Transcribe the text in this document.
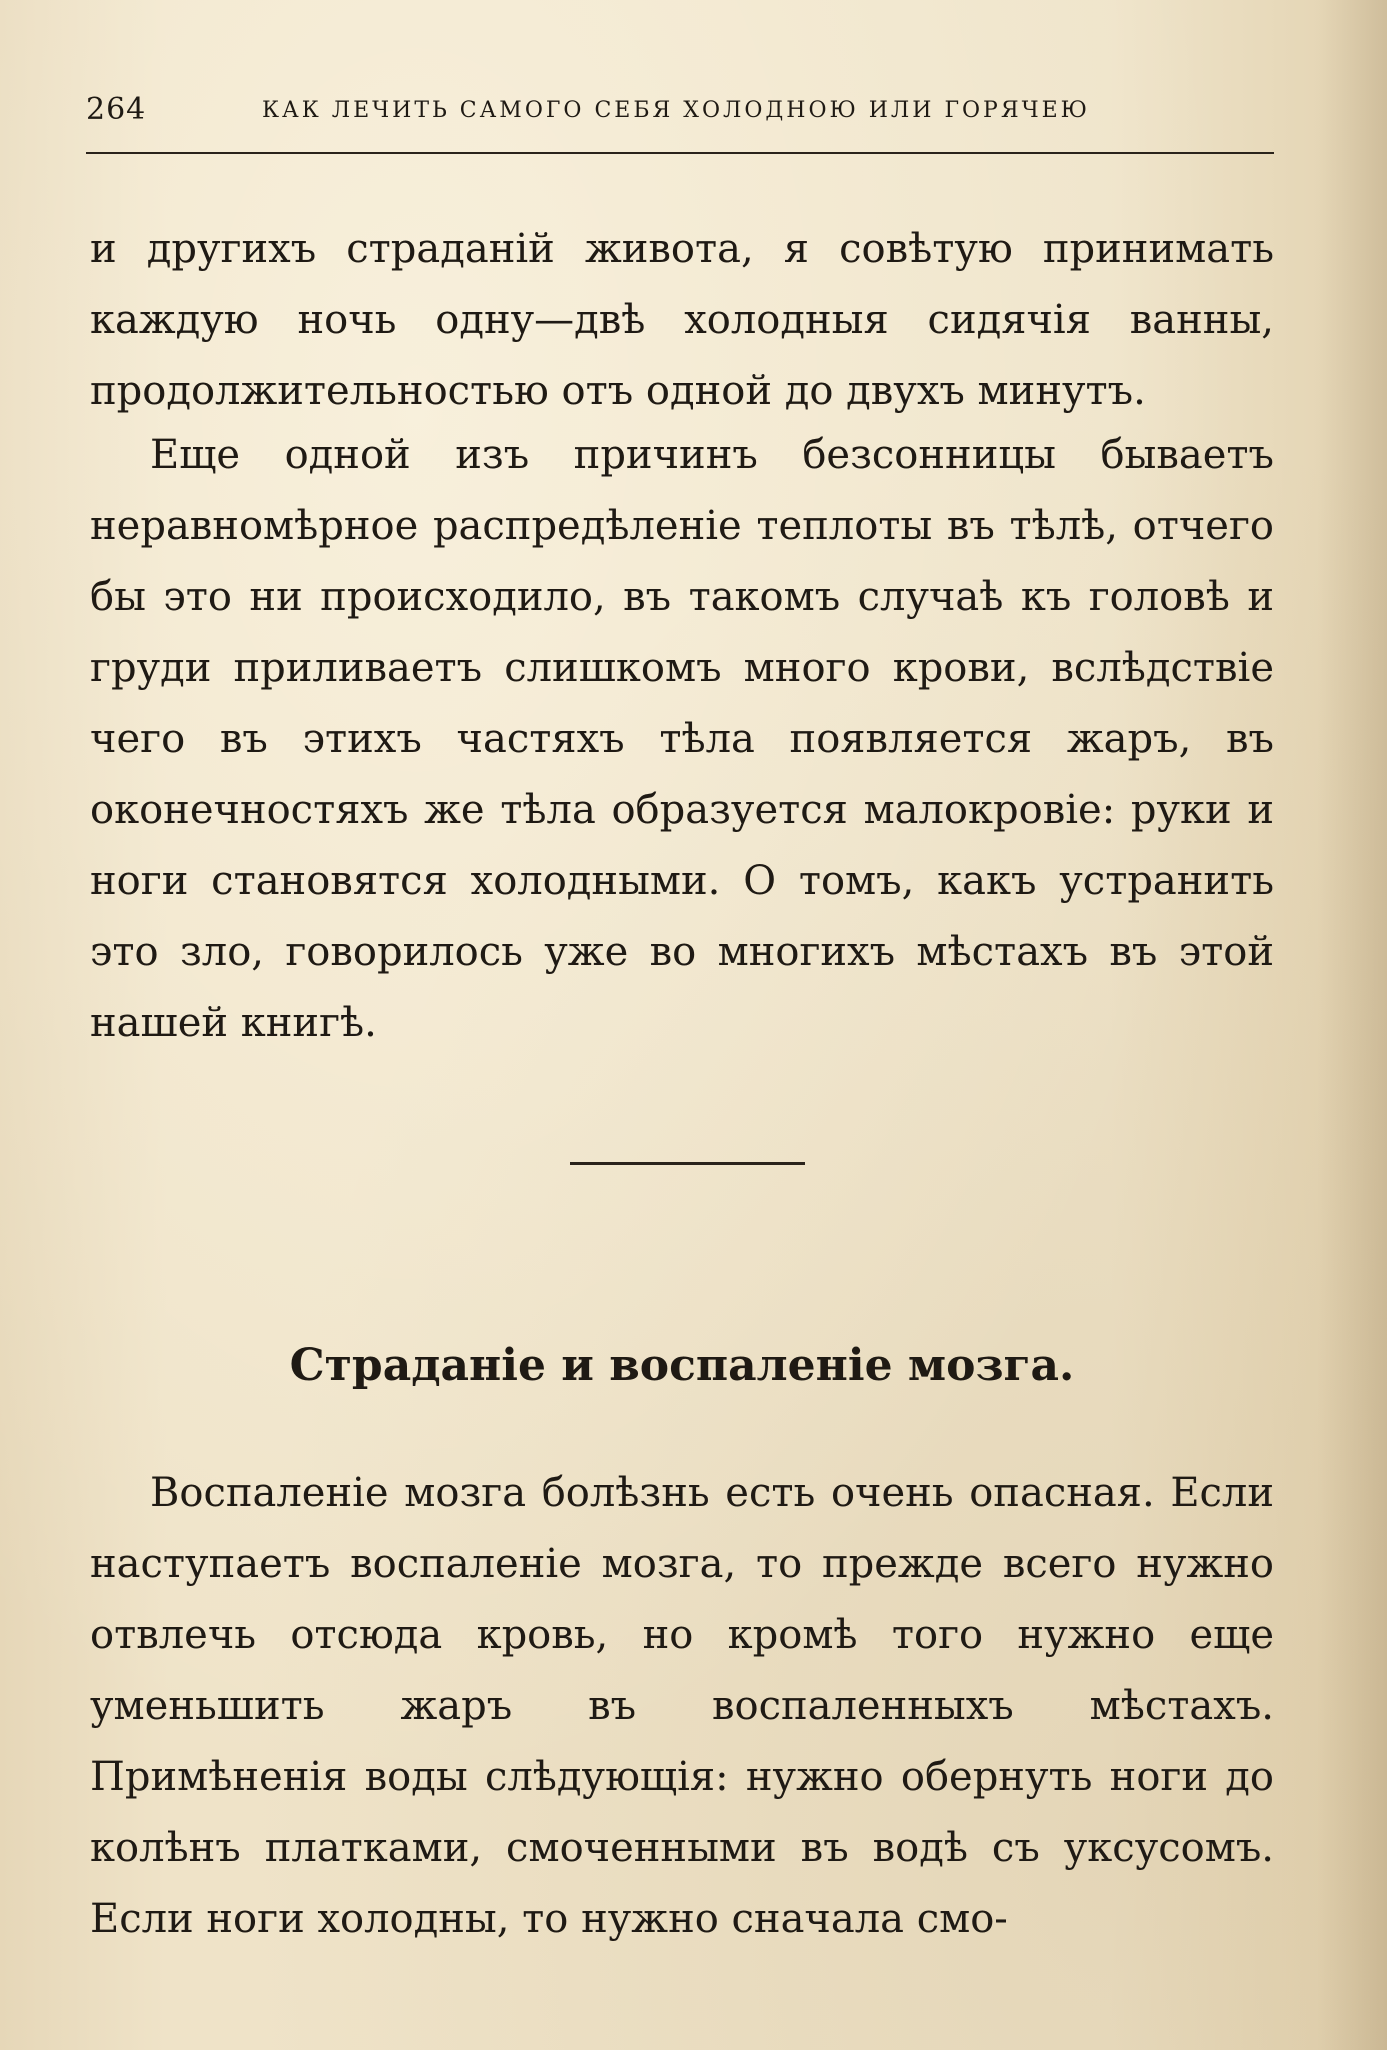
264	КАК ЛЕЧИТЬ САМОГО СЕБЯ ХОЛОДНОЮ ИЛИ ГОРЯЧЕЮ

и другихъ страданій живота, я совѣтую принимать каждую ночь одну—двѣ холодныя сидячія ванны, продолжительностью отъ одной до двухъ минутъ.

Еще одной изъ причинъ безсонницы бываетъ неравномѣрное распредѣленіе теплоты въ тѣлѣ, отчего бы это ни происходило, въ такомъ случаѣ къ головѣ и груди приливаетъ слишкомъ много крови, вслѣдствіе чего въ этихъ частяхъ тѣла появляется жаръ, въ оконечностяхъ же тѣла образуется малокровіе: руки и ноги становятся холодными. О томъ, какъ устранить это зло, говорилось уже во многихъ мѣстахъ въ этой нашей книгѣ.

Страданіе и воспаленіе мозга.

Воспаленіе мозга болѣзнь есть очень опасная. Если наступаетъ воспаленіе мозга, то прежде всего нужно отвлечь отсюда кровь, но кромѣ того нужно еще уменьшить жаръ въ воспаленныхъ мѣстахъ. Примѣненія воды слѣдующія: нужно обернуть ноги до колѣнъ платками, смоченными въ водѣ съ уксусомъ. Если ноги холодны, то нужно сначала смо-
